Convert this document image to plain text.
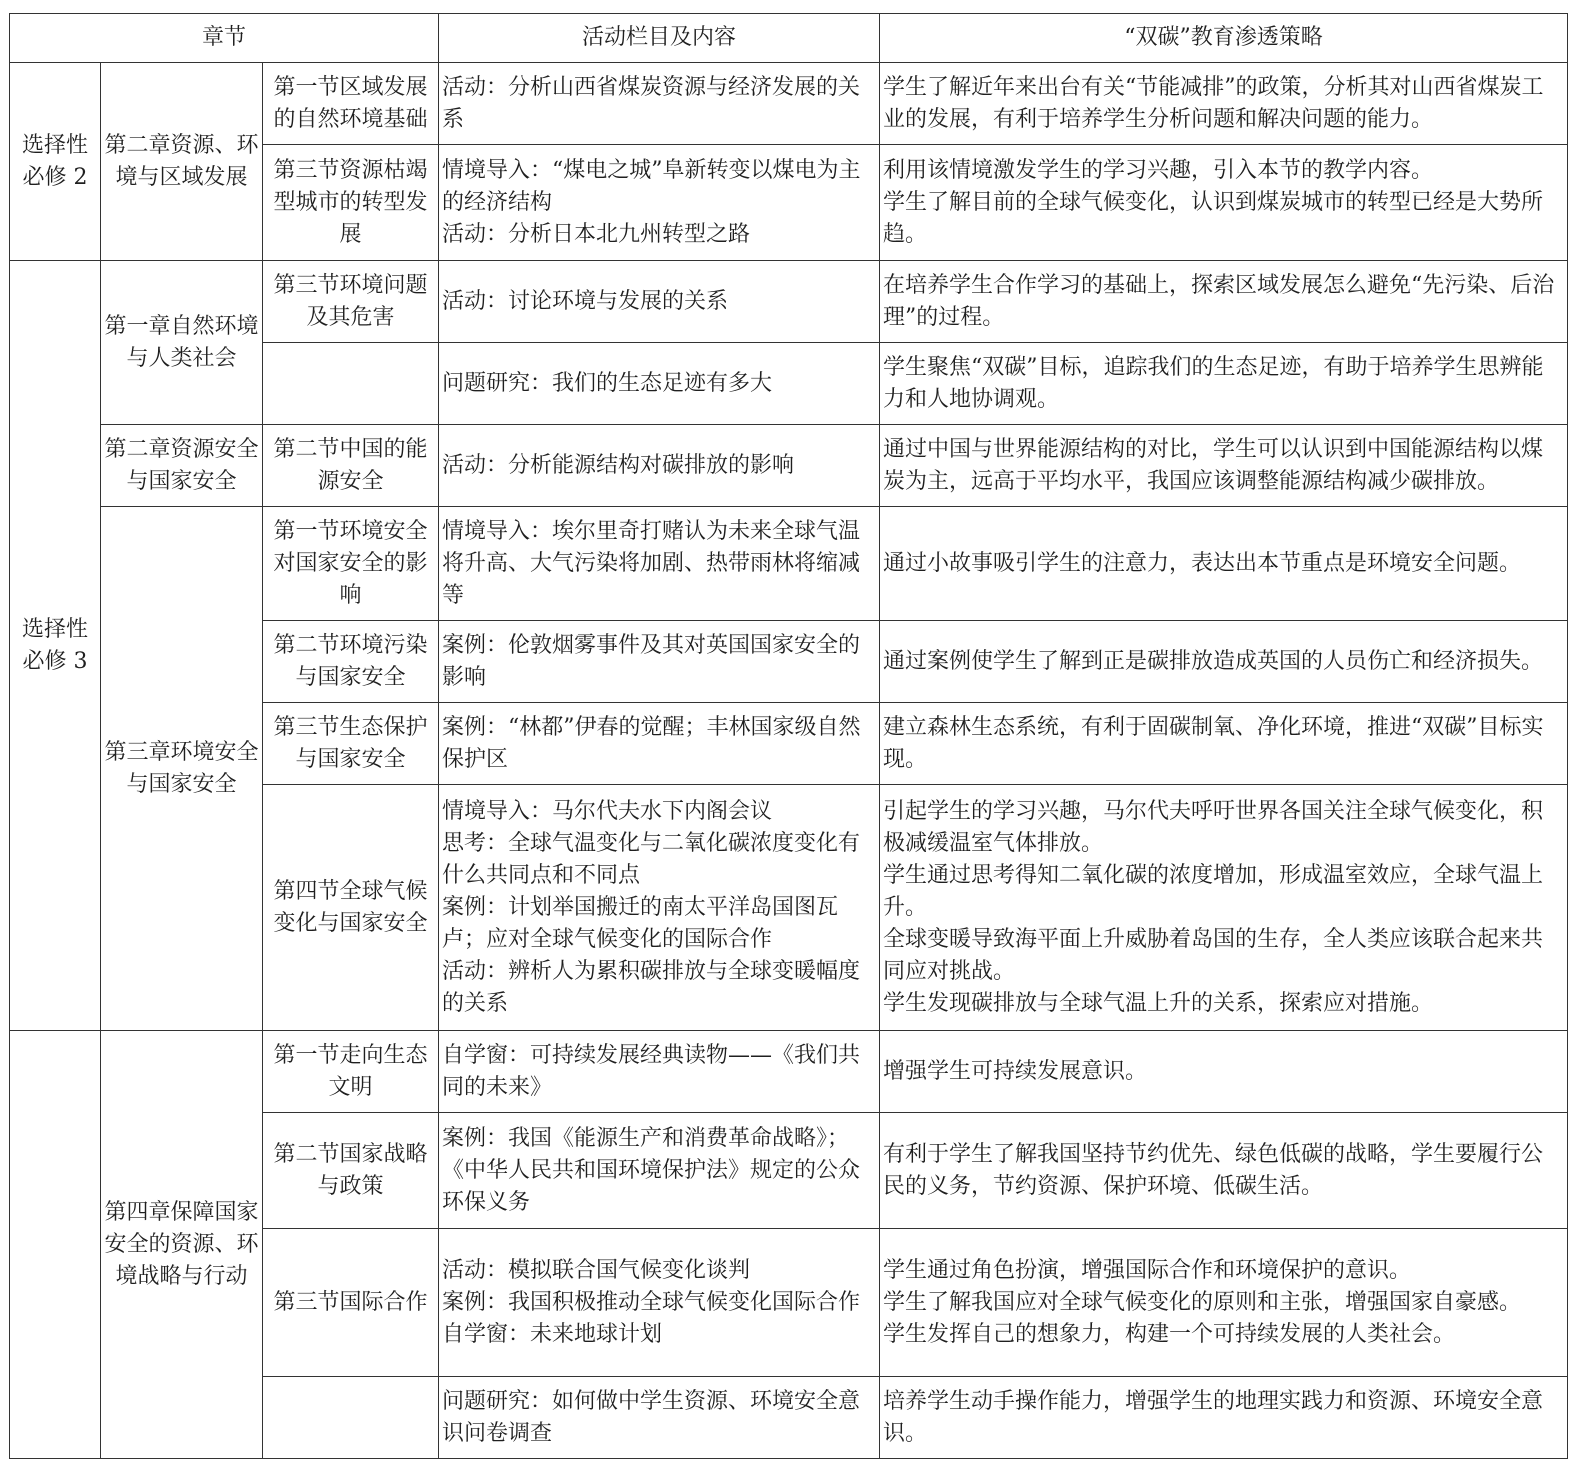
章节			活动栏目及内容	“双碳”教育渗透策略

选择性
必修 2	第二章资源、环境与区域发展	第一节区域发展的自然环境基础	活动：分析山西省煤炭资源与经济发展的关系	学生了解近年来出台有关“节能减排”的政策，分析其对山西省煤炭工业的发展，有利于培养学生分析问题和解决问题的能力。

		第三节资源枯竭型城市的转型发展	情境导入：“煤电之城”阜新转变以煤电为主的经济结构
活动：分析日本北九州转型之路	利用该情境激发学生的学习兴趣，引入本节的教学内容。
学生了解目前的全球气候变化，认识到煤炭城市的转型已经是大势所趋。

选择性
必修 3	第一章自然环境与人类社会	第三节环境问题及其危害	活动：讨论环境与发展的关系	在培养学生合作学习的基础上，探索区域发展怎么避免“先污染、后治理”的过程。

			问题研究：我们的生态足迹有多大	学生聚焦“双碳”目标，追踪我们的生态足迹，有助于培养学生思辨能力和人地协调观。

	第二章资源安全与国家安全	第二节中国的能源安全	活动：分析能源结构对碳排放的影响	通过中国与世界能源结构的对比，学生可以认识到中国能源结构以煤炭为主，远高于平均水平，我国应该调整能源结构减少碳排放。

	第三章环境安全与国家安全	第一节环境安全对国家安全的影响	情境导入：埃尔里奇打赌认为未来全球气温将升高、大气污染将加剧、热带雨林将缩减等	通过小故事吸引学生的注意力，表达出本节重点是环境安全问题。

		第二节环境污染与国家安全	案例：伦敦烟雾事件及其对英国国家安全的影响	通过案例使学生了解到正是碳排放造成英国的人员伤亡和经济损失。

		第三节生态保护与国家安全	案例：“林都”伊春的觉醒；丰林国家级自然保护区	建立森林生态系统，有利于固碳制氧、净化环境，推进“双碳”目标实现。

		第四节全球气候变化与国家安全	情境导入：马尔代夫水下内阁会议
思考：全球气温变化与二氧化碳浓度变化有什么共同点和不同点
案例：计划举国搬迁的南太平洋岛国图瓦卢；应对全球气候变化的国际合作
活动：辨析人为累积碳排放与全球变暖幅度的关系	引起学生的学习兴趣，马尔代夫呼吁世界各国关注全球气候变化，积极减缓温室气体排放。
学生通过思考得知二氧化碳的浓度增加，形成温室效应，全球气温上升。
全球变暖导致海平面上升威胁着岛国的生存，全人类应该联合起来共同应对挑战。
学生发现碳排放与全球气温上升的关系，探索应对措施。

	第四章保障国家安全的资源、环境战略与行动	第一节走向生态文明	自学窗：可持续发展经典读物——《我们共同的未来》	增强学生可持续发展意识。

		第二节国家战略与政策	案例：我国《能源生产和消费革命战略》；《中华人民共和国环境保护法》规定的公众环保义务	有利于学生了解我国坚持节约优先、绿色低碳的战略，学生要履行公民的义务，节约资源、保护环境、低碳生活。

		第三节国际合作	活动：模拟联合国气候变化谈判
案例：我国积极推动全球气候变化国际合作
自学窗：未来地球计划	学生通过角色扮演，增强国际合作和环境保护的意识。
学生了解我国应对全球气候变化的原则和主张，增强国家自豪感。
学生发挥自己的想象力，构建一个可持续发展的人类社会。

			问题研究：如何做中学生资源、环境安全意识问卷调查	培养学生动手操作能力，增强学生的地理实践力和资源、环境安全意识。
